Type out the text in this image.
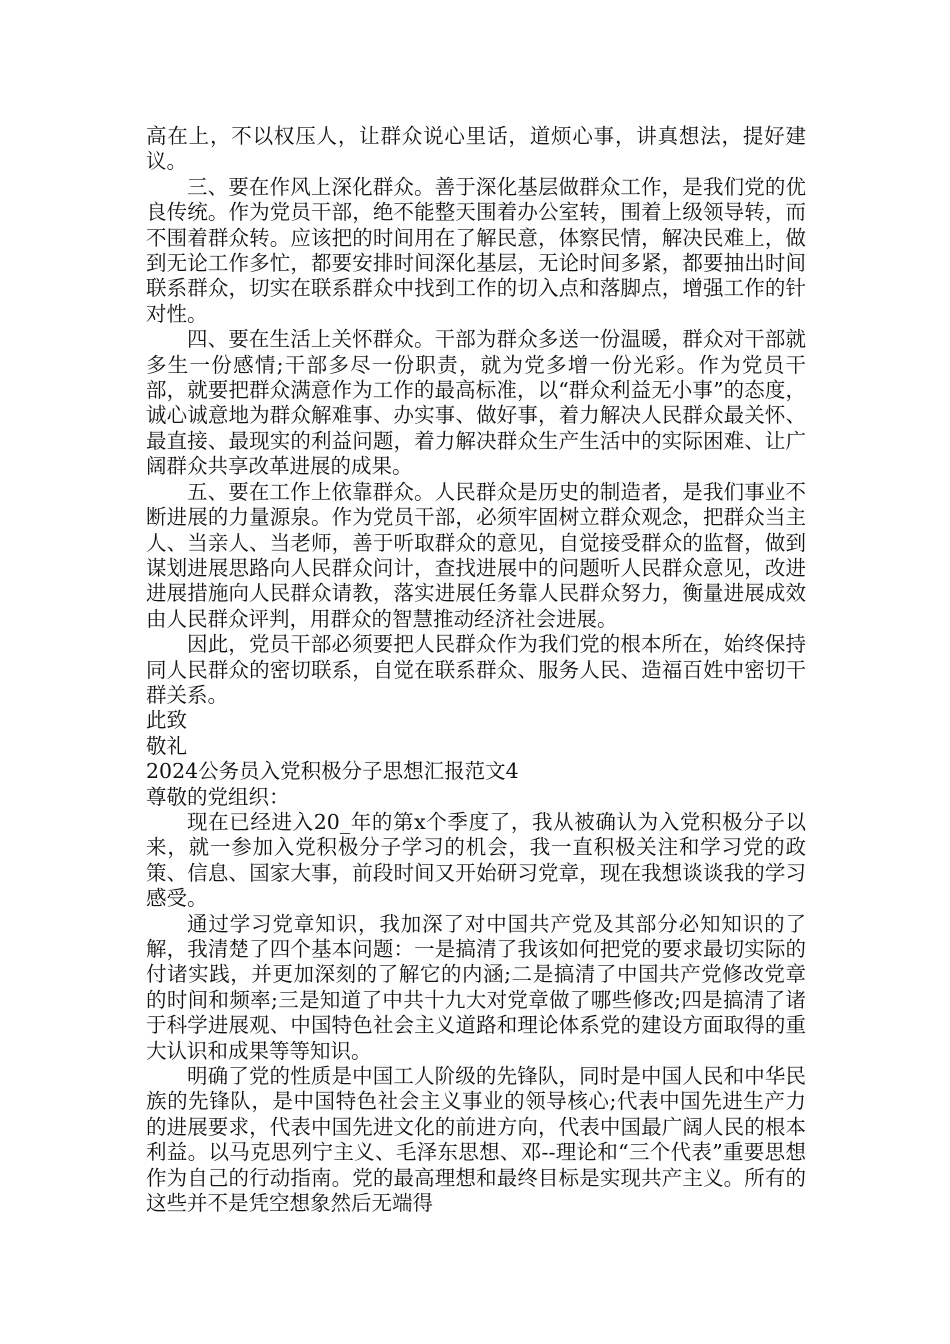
高在上，不以权压人，让群众说心里话，道烦心事，讲真想法，提好建议。

三、要在作风上深化群众。善于深化基层做群众工作，是我们党的优良传统。作为党员干部，绝不能整天围着办公室转，围着上级领导转，而不围着群众转。应该把的时间用在了解民意，体察民情，解决民难上，做到无论工作多忙，都要安排时间深化基层，无论时间多紧，都要抽出时间联系群众，切实在联系群众中找到工作的切入点和落脚点，增强工作的针对性。

四、要在生活上关怀群众。干部为群众多送一份温暖，群众对干部就多生一份感情;干部多尽一份职责，就为党多增一份光彩。作为党员干部，就要把群众满意作为工作的最高标准，以“群众利益无小事”的态度，诚心诚意地为群众解难事、办实事、做好事，着力解决人民群众最关怀、最直接、最现实的利益问题，着力解决群众生产生活中的实际困难、让广阔群众共享改革进展的成果。

五、要在工作上依靠群众。人民群众是历史的制造者，是我们事业不断进展的力量源泉。作为党员干部，必须牢固树立群众观念，把群众当主人、当亲人、当老师，善于听取群众的意见，自觉接受群众的监督，做到谋划进展思路向人民群众问计，查找进展中的问题听人民群众意见，改进进展措施向人民群众请教，落实进展任务靠人民群众努力，衡量进展成效由人民群众评判，用群众的智慧推动经济社会进展。

因此，党员干部必须要把人民群众作为我们党的根本所在，始终保持同人民群众的密切联系，自觉在联系群众、服务人民、造福百姓中密切干群关系。

此致

敬礼

2024公务员入党积极分子思想汇报范文4

尊敬的党组织：

现在已经进入20_年的第x个季度了，我从被确认为入党积极分子以来，就一参加入党积极分子学习的机会，我一直积极关注和学习党的政策、信息、国家大事，前段时间又开始研习党章，现在我想谈谈我的学习感受。

通过学习党章知识，我加深了对中国共产党及其部分必知知识的了解，我清楚了四个基本问题：一是搞清了我该如何把党的要求最切实际的付诸实践，并更加深刻的了解它的内涵;二是搞清了中国共产党修改党章的时间和频率;三是知道了中共十九大对党章做了哪些修改;四是搞清了诸于科学进展观、中国特色社会主义道路和理论体系党的建设方面取得的重大认识和成果等等知识。

明确了党的性质是中国工人阶级的先锋队，同时是中国人民和中华民族的先锋队，是中国特色社会主义事业的领导核心;代表中国先进生产力的进展要求，代表中国先进文化的前进方向，代表中国最广阔人民的根本利益。以马克思列宁主义、毛泽东思想、邓--理论和“三个代表”重要思想作为自己的行动指南。党的最高理想和最终目标是实现共产主义。所有的这些并不是凭空想象然后无端得
